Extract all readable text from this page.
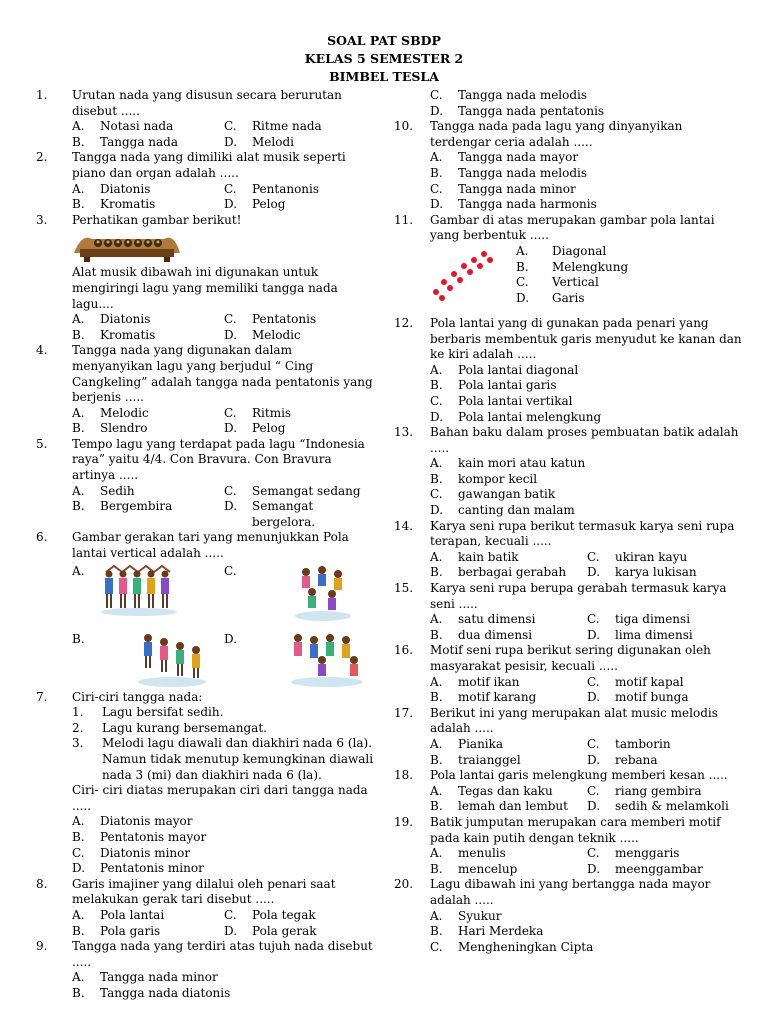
SOAL PAT SBDP
KELAS 5 SEMESTER 2
BIMBEL TESLA
1. Urutan nada yang disusun secara berurutan disebut .....
A.	Notasi nada	C.	Ritme nada
B.	Tangga nada	D.	Melodi
2. Tangga nada yang dimiliki alat musik seperti piano dan organ adalah .....
A.	Diatonis	C.	Pentanonis
B.	Kromatis	D.	Pelog
3. Perhatikan gambar berikut!
Alat musik dibawah ini digunakan untuk mengiringi lagu yang memiliki tangga nada lagu....
A.	Diatonis	C.	Pentatonis
B.	Kromatis	D.	Melodic
4. Tangga nada yang digunakan dalam menyanyikan lagu yang berjudul “ Cing Cangkeling” adalah tangga nada pentatonis yang berjenis .....
A.	Melodic	C.	Ritmis
B.	Slendro	D.	Pelog
5. Tempo lagu yang terdapat pada lagu “Indonesia raya” yaitu 4/4. Con Bravura. Con Bravura artinya .....
A.	Sedih	C.	Semangat sedang
B.	Bergembira	D.	Semangat bergelora.
6. Gambar gerakan tari yang menunjukkan Pola lantai vertical adalah .....
A.	C.
B.	D.
7. Ciri-ciri tangga nada:
1.	Lagu bersifat sedih.
2.	Lagu kurang bersemangat.
3.	Melodi lagu diawali dan diakhiri nada 6 (la). Namun tidak menutup kemungkinan diawali nada 3 (mi) dan diakhiri nada 6 (la).
Ciri- ciri diatas merupakan ciri dari tangga nada .....
A.	Diatonis mayor
B.	Pentatonis mayor
C.	Diatonis minor
D.	Pentatonis minor
8. Garis imajiner yang dilalui oleh penari saat melakukan gerak tari disebut .....
A.	Pola lantai	C.	Pola tegak
B.	Pola garis	D.	Pola gerak
9. Tangga nada yang terdiri atas tujuh nada disebut .....
A.	Tangga nada minor
B.	Tangga nada diatonis
C.	Tangga nada melodis
D.	Tangga nada pentatonis
10. Tangga nada pada lagu yang dinyanyikan terdengar ceria adalah .....
A.	Tangga nada mayor
B.	Tangga nada melodis
C.	Tangga nada minor
D.	Tangga nada harmonis
11. Gambar di atas merupakan gambar pola lantai yang berbentuk .....
A.	Diagonal
B.	Melengkung
C.	Vertical
D.	Garis
12. Pola lantai yang di gunakan pada penari yang berbaris membentuk garis menyudut ke kanan dan ke kiri adalah .....
A.	Pola lantai diagonal
B.	Pola lantai garis
C.	Pola lantai vertikal
D.	Pola lantai melengkung
13. Bahan baku dalam proses pembuatan batik adalah .....
A.	kain mori atau katun
B.	kompor kecil
C.	gawangan batik
D.	canting dan malam
14. Karya seni rupa berikut termasuk karya seni rupa terapan, kecuali .....
A.	kain batik	C.	ukiran kayu
B.	berbagai gerabah	D.	karya lukisan
15. Karya seni rupa berupa gerabah termasuk karya seni .....
A.	satu dimensi	C.	tiga dimensi
B.	dua dimensi	D.	lima dimensi
16. Motif seni rupa berikut sering digunakan oleh masyarakat pesisir, kecuali .....
A.	motif ikan	C.	motif kapal
B.	motif karang	D.	motif bunga
17. Berikut ini yang merupakan alat music melodis adalah .....
A.	Pianika	C.	tamborin
B.	traianggel	D.	rebana
18. Pola lantai garis melengkung memberi kesan .....
A.	Tegas dan kaku	C.	riang gembira
B.	lemah dan lembut	D.	sedih & melamkoli
19. Batik jumputan merupakan cara memberi motif pada kain putih dengan teknik .....
A.	menulis	C.	menggaris
B.	mencelup	D.	meenggambar
20. Lagu dibawah ini yang bertangga nada mayor adalah .....
A.	Syukur
B.	Hari Merdeka
C.	Mengheningkan Cipta
